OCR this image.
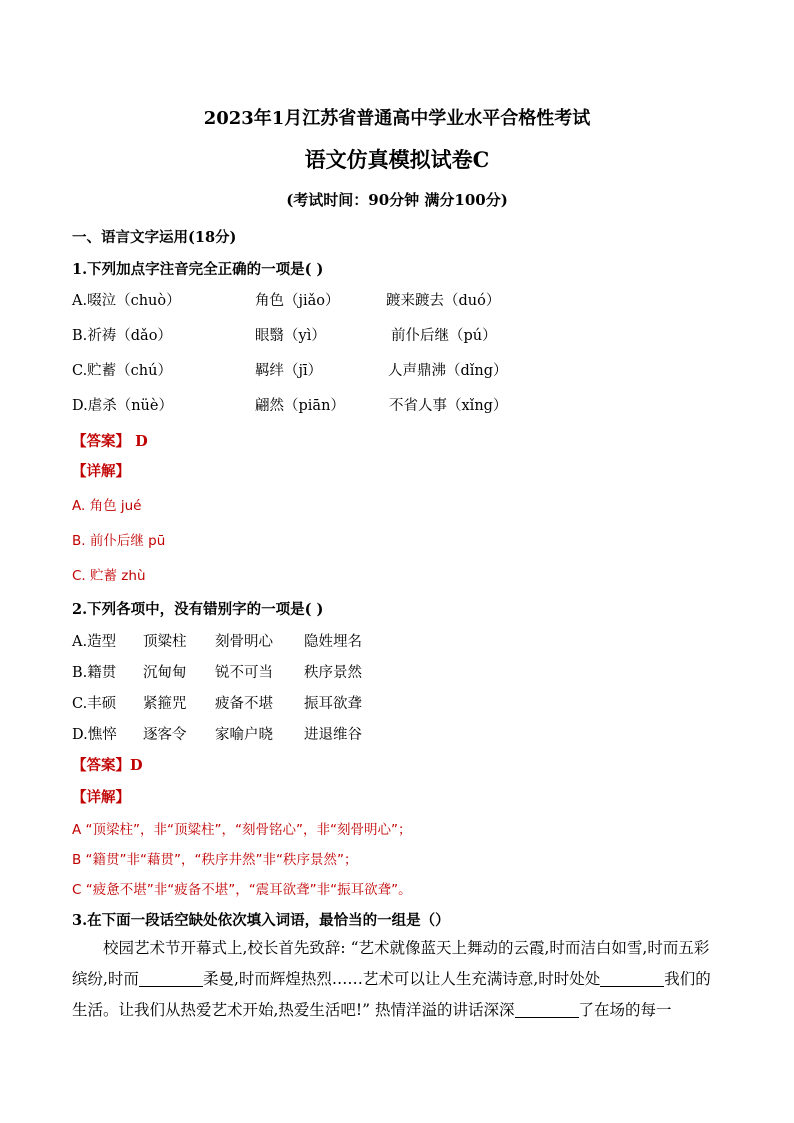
2023年1月江苏省普通高中学业水平合格性考试
语文仿真模拟试卷C
(考试时间：90分钟 满分100分)
一、语言文字运用(18分)
1.下列加点字注音完全正确的一项是( )
A.啜泣（chuò）	角色（jiǎo）	踱来踱去（duó）
B.祈祷（dǎo）	眼翳（yì）	前仆后继（pú）
C.贮蓄（chú）	羁绊（jī）	人声鼎沸（dǐng）
D.虐杀（nüè）	翩然（piān）	不省人事（xǐng）
【答案】 D
【详解】
A. 角色 jué
B. 前仆后继 pū
C. 贮蓄 zhù
2.下列各项中，没有错别字的一项是( )
A.造型 顶粱柱 刻骨明心 隐姓埋名
B.籍贯 沉甸甸 锐不可当 秩序景然
C.丰硕 紧箍咒 疲备不堪 振耳欲聋
D.憔悴 逐客令 家喻户晓 进退维谷
【答案】D
【详解】
A “顶梁柱”，非“顶粱柱”，“刻骨铭心”，非“刻骨明心”；
B “籍贯”非“藉贯”，“秩序井然”非“秩序景然”；
C “疲惫不堪”非“疲备不堪”，“震耳欲聋”非“振耳欲聋”。
3.在下面一段话空缺处依次填入词语，最恰当的一组是（）
校园艺术节开幕式上,校长首先致辞: “艺术就像蓝天上舞动的云霞,时而洁白如雪,时而五彩缤纷,时而	柔曼,时而辉煌热烈……艺术可以让人生充满诗意,时时处处	我们的生活。让我们从热爱艺术开始,热爱生活吧!” 热情洋溢的讲话深深	了在场的每一
